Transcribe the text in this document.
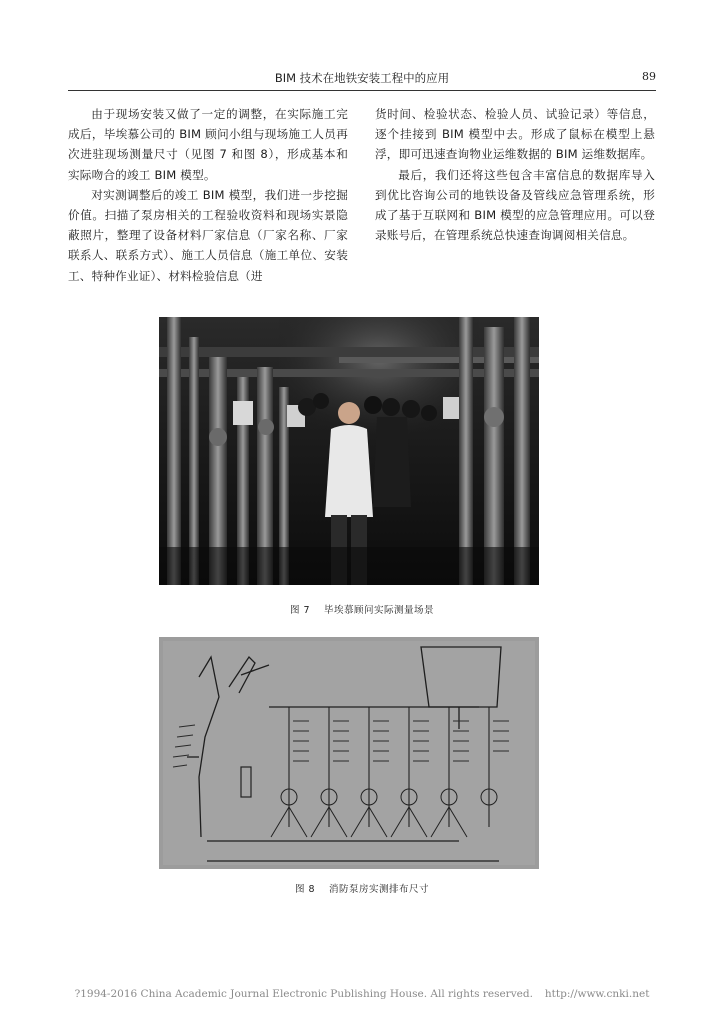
BIM 技术在地铁安装工程中的应用	89

由于现场安装又做了一定的调整，在实际施工完成后，毕埃慕公司的 BIM 顾问小组与现场施工人员再次进驻现场测量尺寸（见图 7 和图 8），形成基本和实际吻合的竣工 BIM 模型。

对实测调整后的竣工 BIM 模型，我们进一步挖掘价值。扫描了泵房相关的工程验收资料和现场实景隐蔽照片，整理了设备材料厂家信息（厂家名称、厂家联系人、联系方式）、施工人员信息（施工单位、安装工、特种作业证）、材料检验信息（进

货时间、检验状态、检验人员、试验记录）等信息，逐个挂接到 BIM 模型中去。形成了鼠标在模型上悬浮，即可迅速查询物业运维数据的 BIM 运维数据库。

最后，我们还将这些包含丰富信息的数据库导入到优比咨询公司的地铁设备及管线应急管理系统，形成了基于互联网和 BIM 模型的应急管理应用。可以登录账号后，在管理系统总快速查询调阅相关信息。

图 7 毕埃慕顾问实际测量场景
图 8 消防泵房实测排布尺寸
?1994-2016 China Academic Journal Electronic Publishing House. All rights reserved. http://www.cnki.net
